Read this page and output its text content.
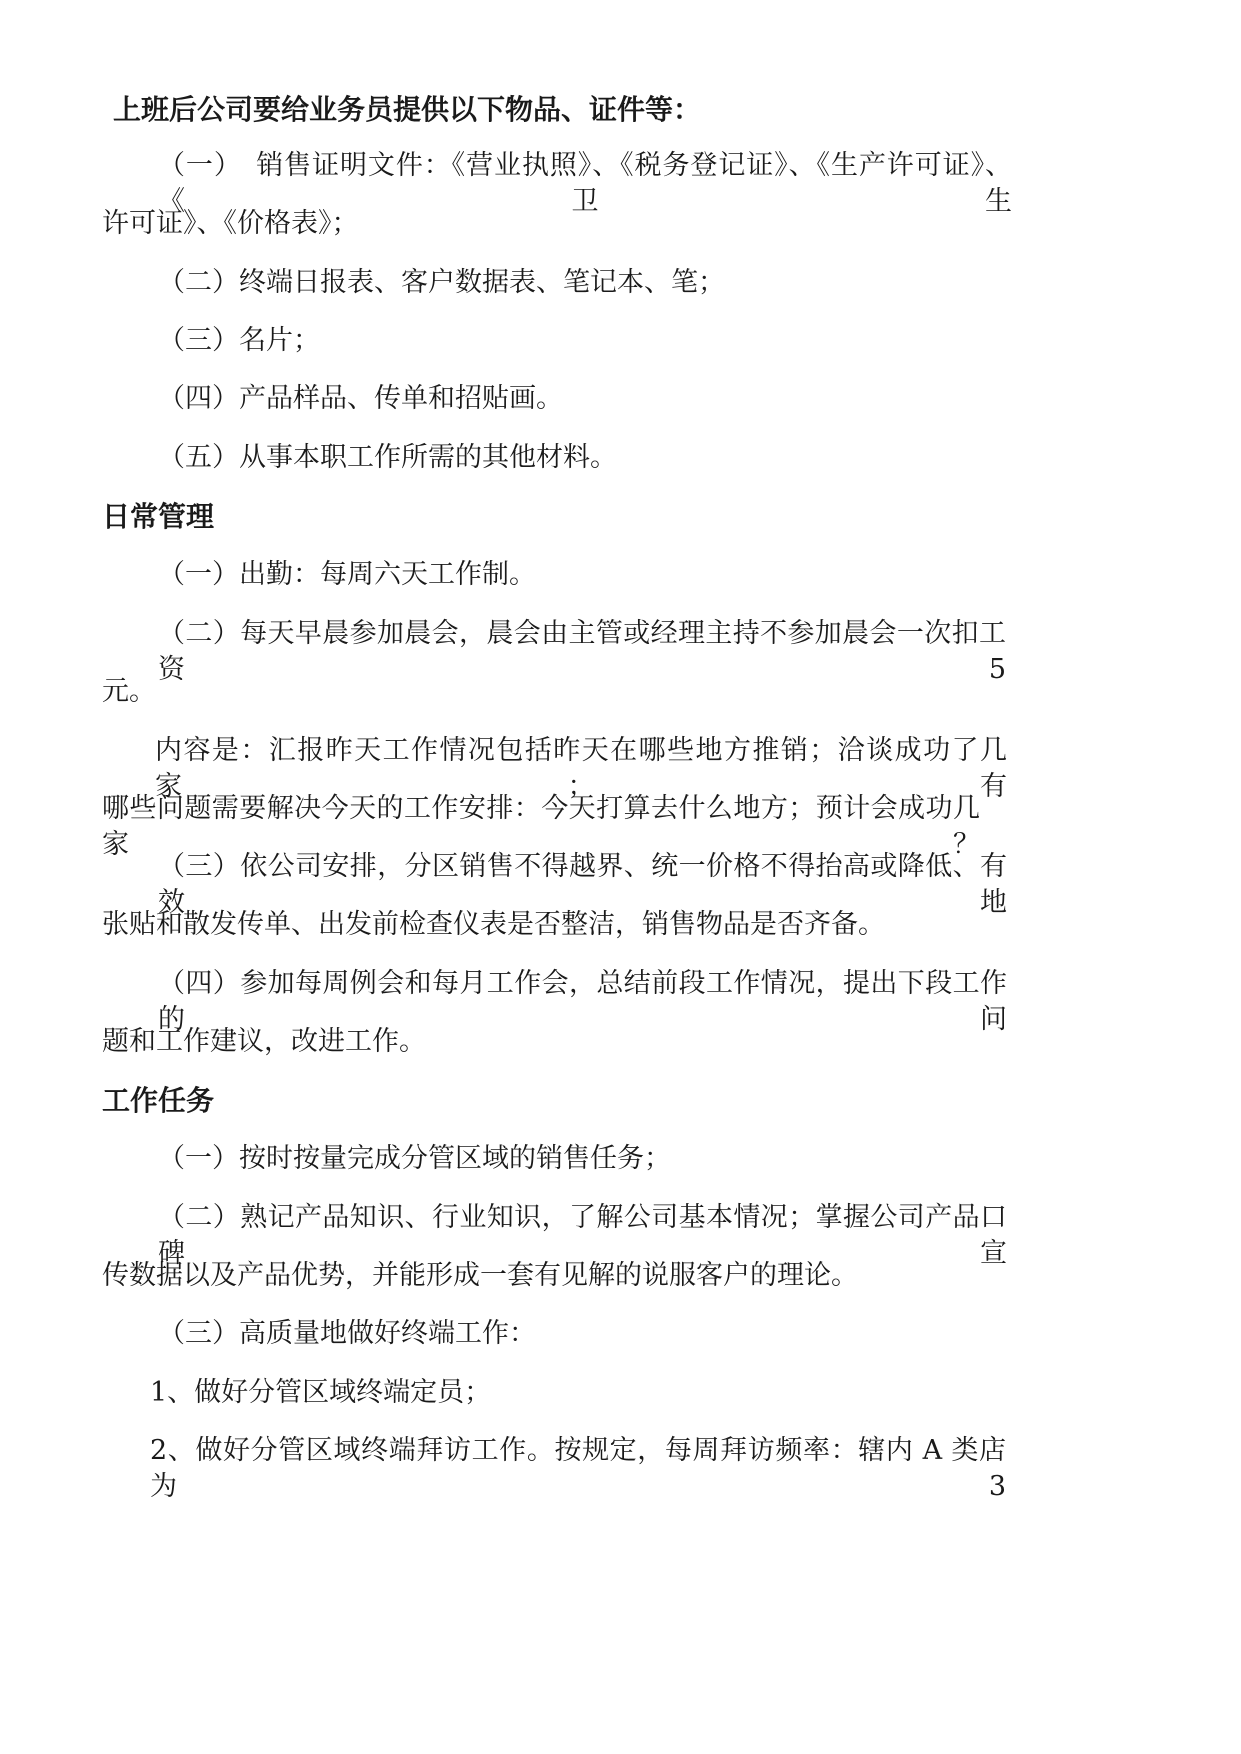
上班后公司要给业务员提供以下物品、证件等：
（一）　销售证明文件：《营业执照》、《税务登记证》、《生产许可证》、《卫生
许可证》、《价格表》；
（二）终端日报表、客户数据表、笔记本、笔；
（三）名片；
（四）产品样品、传单和招贴画。
（五）从事本职工作所需的其他材料。
日常管理
（一）出勤：每周六天工作制。
（二）每天早晨参加晨会，晨会由主管或经理主持不参加晨会一次扣工资 5
元。
内容是：汇报昨天工作情况包括昨天在哪些地方推销；洽谈成功了几家；有
哪些问题需要解决今天的工作安排：今天打算去什么地方；预计会成功几家？
（三）依公司安排，分区销售不得越界、统一价格不得抬高或降低、有效地
张贴和散发传单、出发前检查仪表是否整洁，销售物品是否齐备。
（四）参加每周例会和每月工作会，总结前段工作情况，提出下段工作的问
题和工作建议，改进工作。
工作任务
（一）按时按量完成分管区域的销售任务；
（二）熟记产品知识、行业知识，了解公司基本情况；掌握公司产品口碑宣
传数据以及产品优势，并能形成一套有见解的说服客户的理论。
（三）高质量地做好终端工作：
1、做好分管区域终端定员；
2、做好分管区域终端拜访工作。按规定，每周拜访频率：辖内 A 类店为 3
